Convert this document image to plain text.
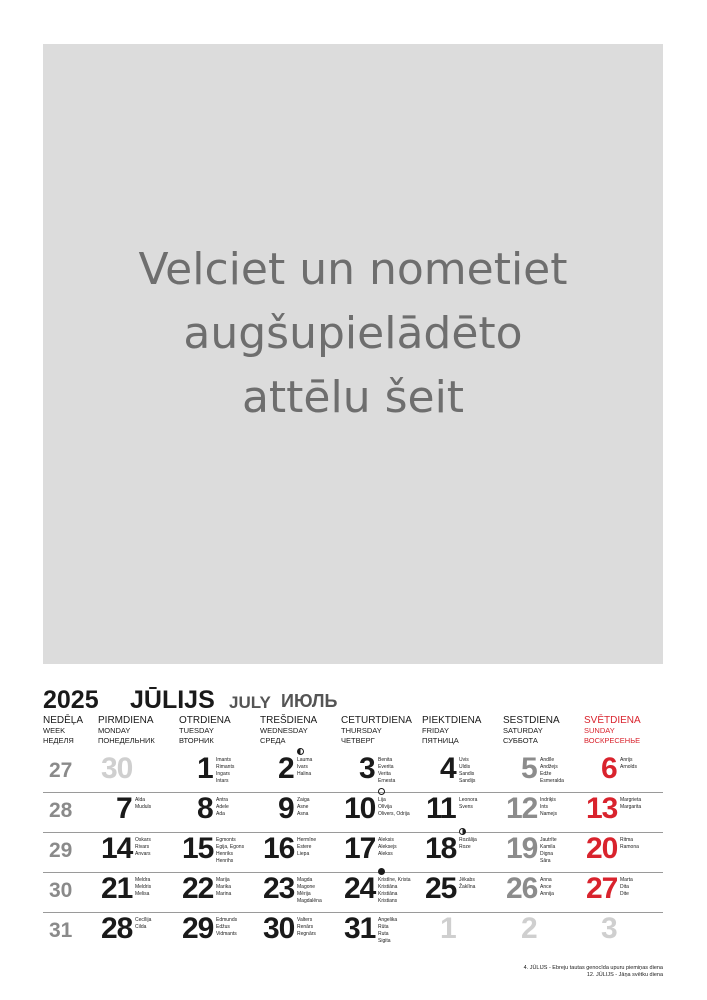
Velciet un nometiet
augšupielādēto
attēlu šeit
2025 JŪLIJS JULY ИЮЛЬ
NEDĒĻA
WEEK
НЕДЕЛЯ
PIRMDIENA
MONDAY
ПОНЕДЕЛЬНИК
OTRDIENA
TUESDAY
ВТОРНИК
TREŠDIENA
WEDNESDAY
СРЕДА
CETURTDIENA
THURSDAY
ЧЕТВЕРГ
PIEKTDIENA
FRIDAY
ПЯТНИЦА
SESTDIENA
SATURDAY
СУББОТА
SVĒTDIENA
SUNDAY
ВОСКРЕСЕНЬЕ
27 30 1 Imants
Rimants
Ingars
Intars 2 Lauma
Ivars
Halina 3 Benita
Everita
Verita
Ernesta 4 Uvis
Uldis
Sandis
Sandijs 5 Andīle
Andžejs
Edže
Esmeralda 6 Anrijs
Arnolds
28 7 Alda
Muduls 8 Antra
Adele
Ada 9 Zaiga
Asne
Asna 10 Lija
Olīvija
Olivers, Odrija 11 Leonora
Svens 12 Indriķis
Ints
Namejs 13 Margrieta
Margarita
29 14 Oskars
Rivars
Anvars 15 Egmonts
Egija, Egons
Henriks
Henrihs 16 Hermīne
Estere
Liepa 17 Aleksis
Aleksejs
Alekss 18 Rozālija
Roze 19 Jautrīte
Kamila
Digna
Sāra 20 Ritma
Ramona
30 21 Meldra
Meldris
Melisa 22 Marija
Marika
Marina 23 Magda
Magone
Mērija
Magdalēna 24 Kristīne, Krista
Kristiāna
Kristiāna
Kristians 25 Jēkabs
Žaklīna 26 Anna
Ance
Annija 27 Marta
Dita
Dite
31 28 Cecīlija
Cilda 29 Edmunds
Edžus
Vidmants 30 Valters
Renārs
Regnārs 31 Angelika
Rūta
Ruta
Sigita 1 2 3
4. JŪLIJS - Ebreju tautas genocīda upuru piemiņas diena
12. JŪLIJS - Jāņa svētku diena
